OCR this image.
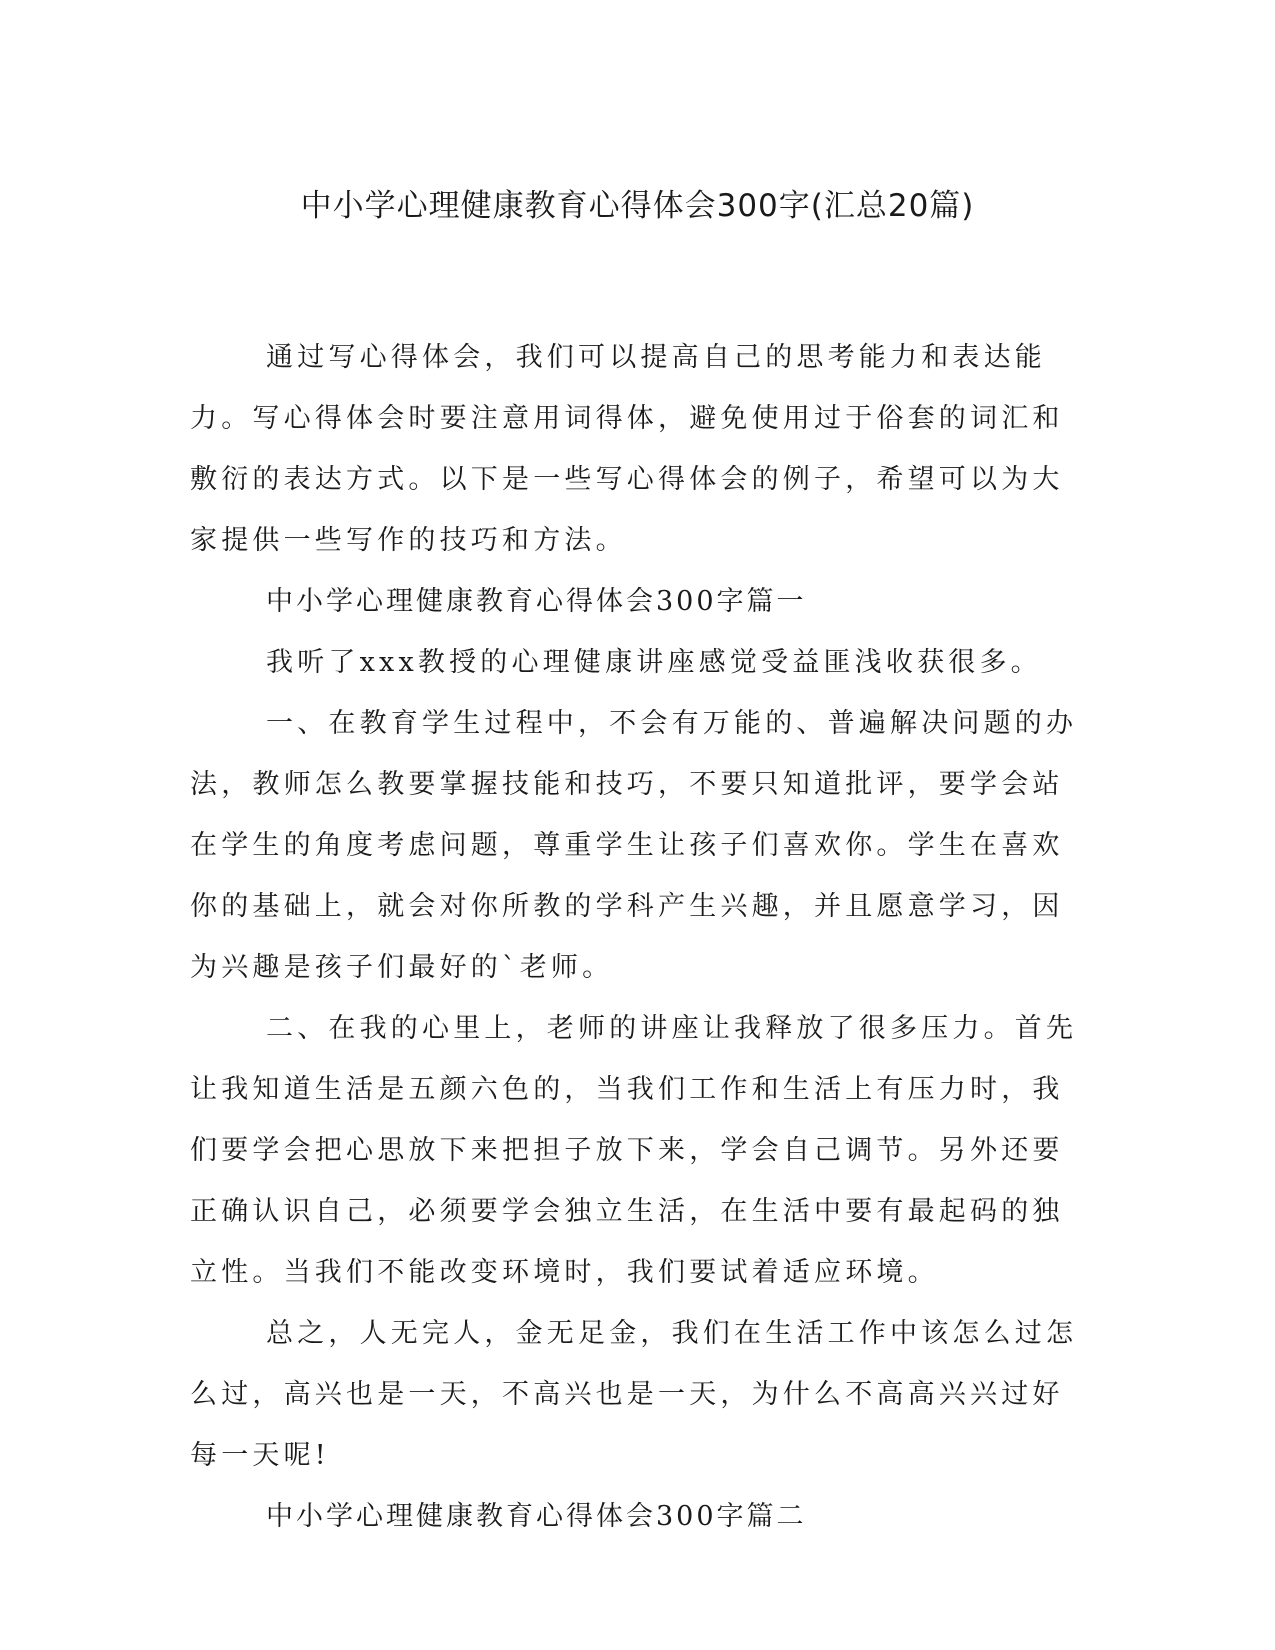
中小学心理健康教育心得体会300字(汇总20篇)

通过写心得体会，我们可以提高自己的思考能力和表达能力。写心得体会时要注意用词得体，避免使用过于俗套的词汇和敷衍的表达方式。以下是一些写心得体会的例子，希望可以为大家提供一些写作的技巧和方法。

中小学心理健康教育心得体会300字篇一

我听了xxx教授的心理健康讲座感觉受益匪浅收获很多。

一、在教育学生过程中，不会有万能的、普遍解决问题的办法，教师怎么教要掌握技能和技巧，不要只知道批评，要学会站在学生的角度考虑问题，尊重学生让孩子们喜欢你。学生在喜欢你的基础上，就会对你所教的学科产生兴趣，并且愿意学习，因为兴趣是孩子们最好的`老师。

二、在我的心里上，老师的讲座让我释放了很多压力。首先让我知道生活是五颜六色的，当我们工作和生活上有压力时，我们要学会把心思放下来把担子放下来，学会自己调节。另外还要正确认识自己，必须要学会独立生活，在生活中要有最起码的独立性。当我们不能改变环境时，我们要试着适应环境。

总之，人无完人，金无足金，我们在生活工作中该怎么过怎么过，高兴也是一天，不高兴也是一天，为什么不高高兴兴过好每一天呢!

中小学心理健康教育心得体会300字篇二
